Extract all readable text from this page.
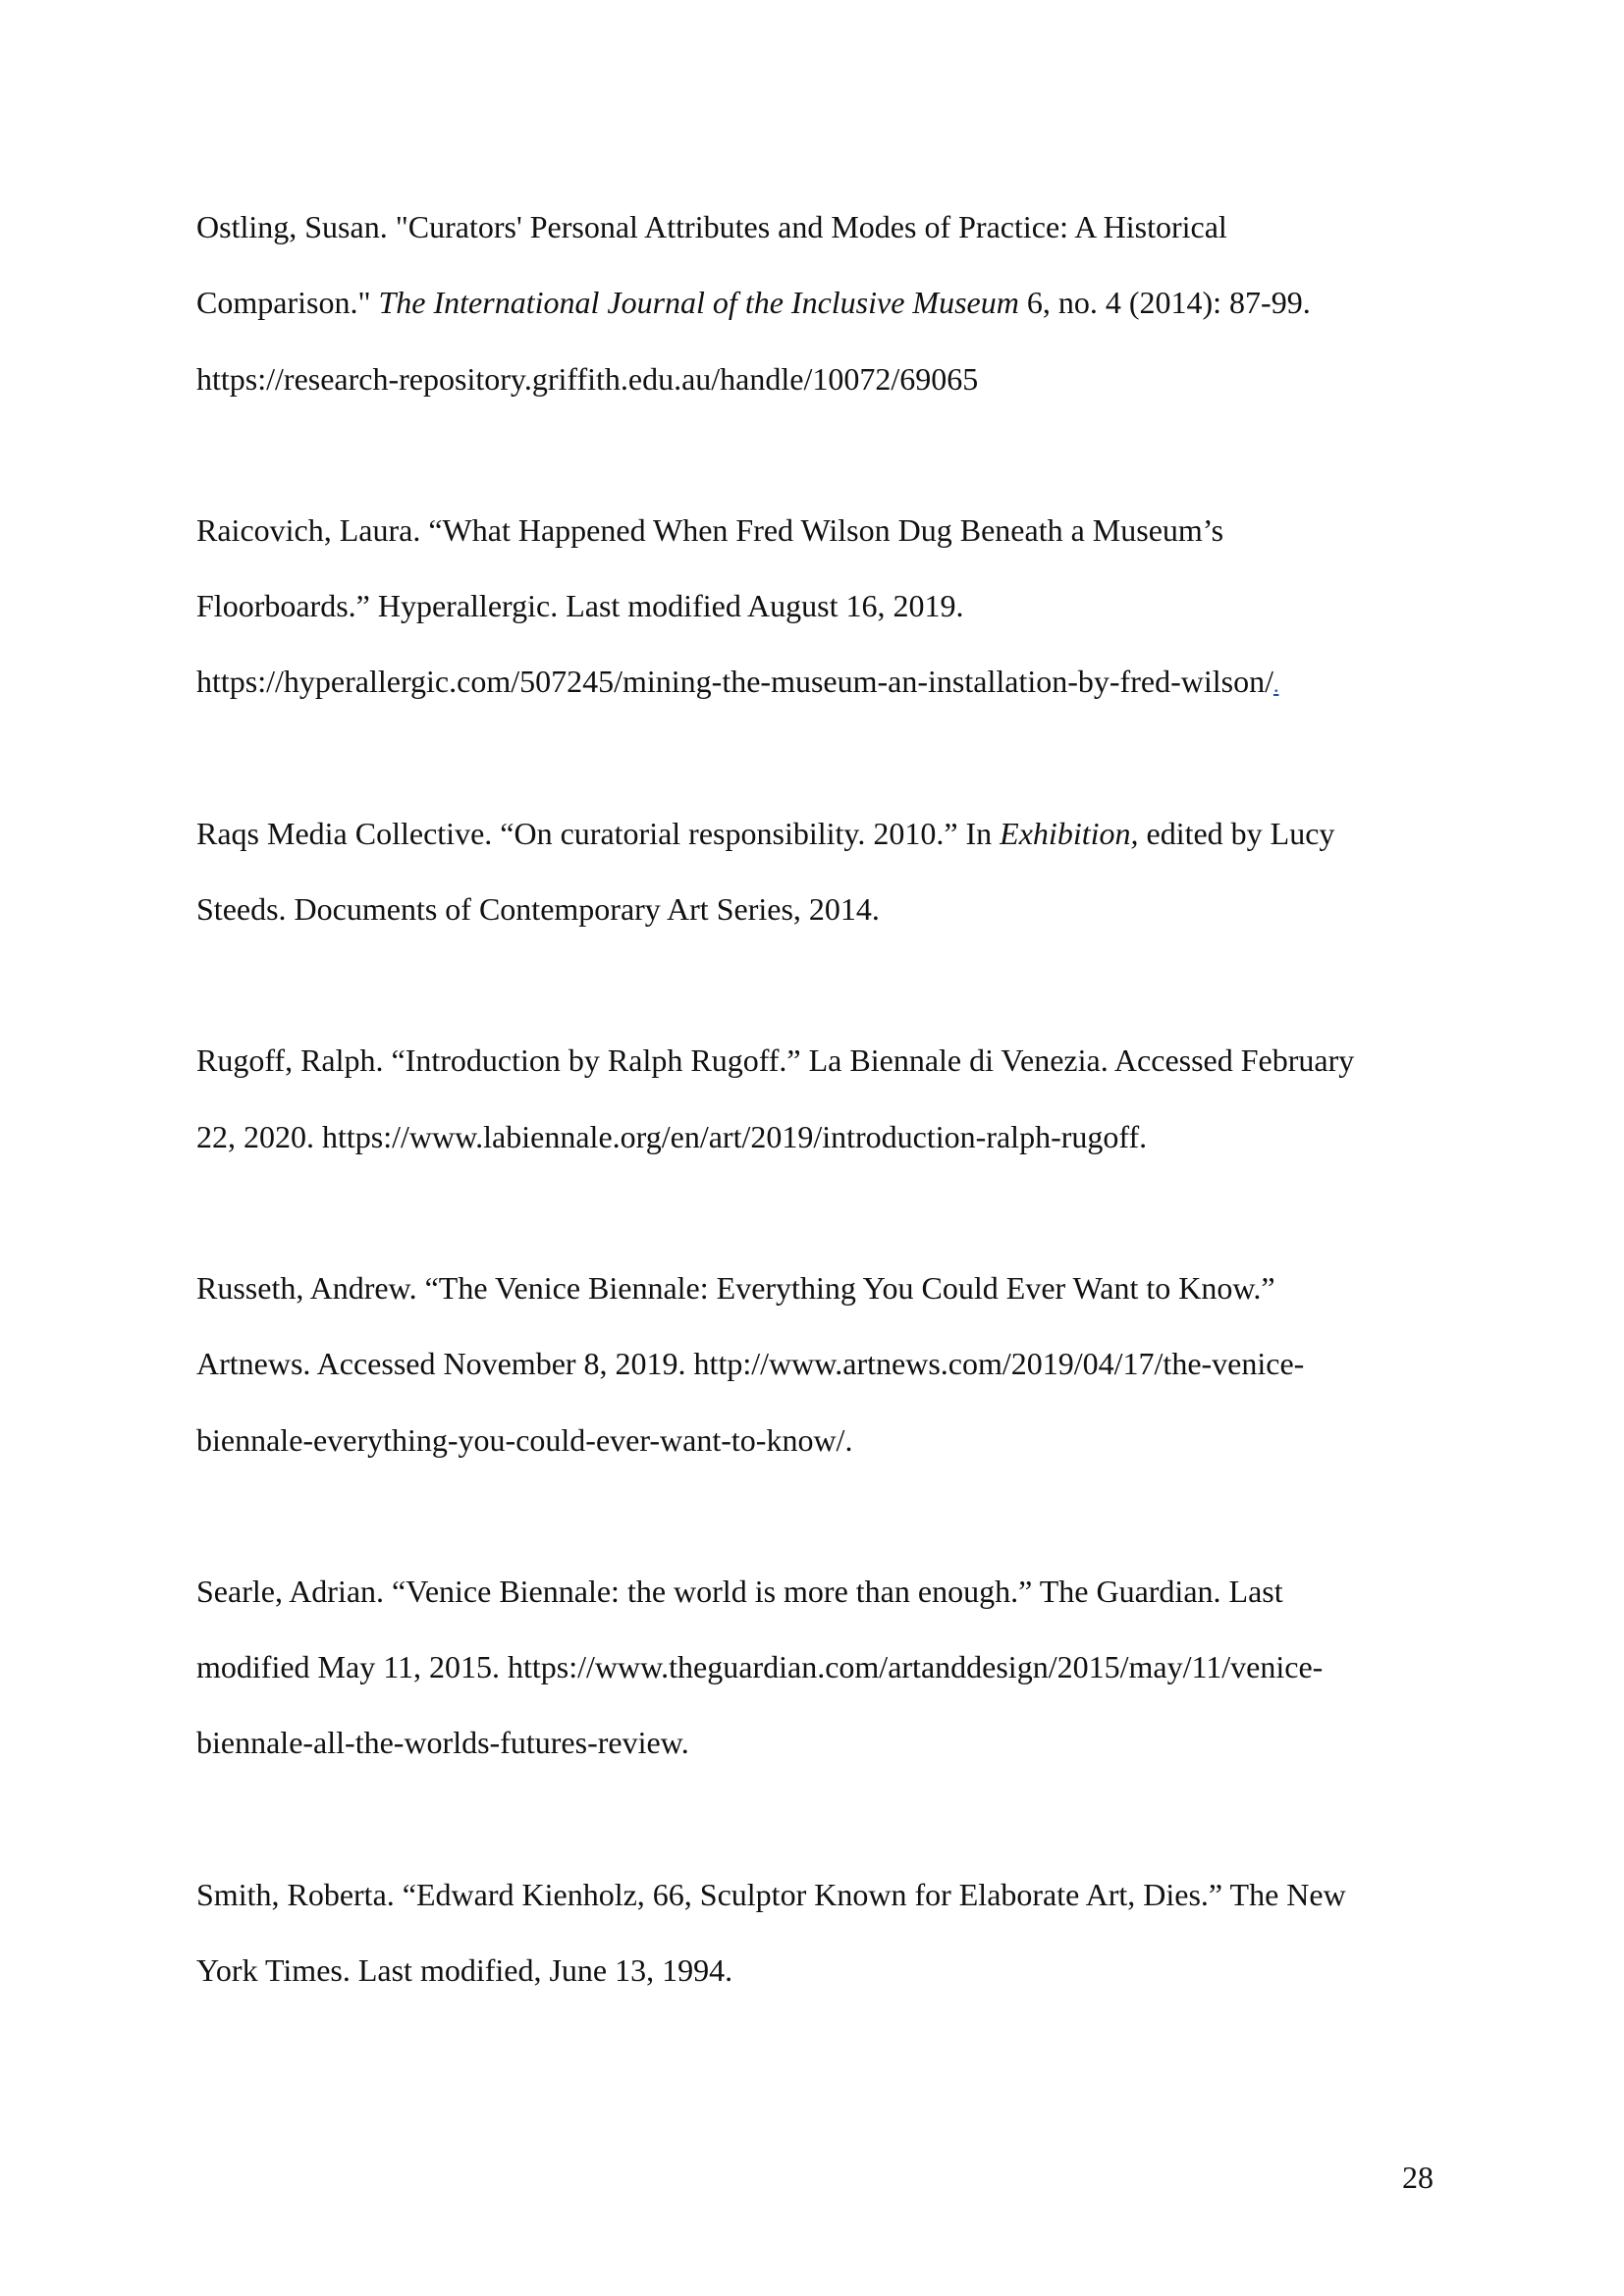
Ostling, Susan. "Curators' Personal Attributes and Modes of Practice: A Historical
Comparison." The International Journal of the Inclusive Museum 6, no. 4 (2014): 87-99.
https://research-repository.griffith.edu.au/handle/10072/69065
Raicovich, Laura. “What Happened When Fred Wilson Dug Beneath a Museum’s
Floorboards.” Hyperallergic. Last modified August 16, 2019.
https://hyperallergic.com/507245/mining-the-museum-an-installation-by-fred-wilson/.
Raqs Media Collective. “On curatorial responsibility. 2010.” In Exhibition, edited by Lucy
Steeds. Documents of Contemporary Art Series, 2014.
Rugoff, Ralph. “Introduction by Ralph Rugoff.” La Biennale di Venezia. Accessed February
22, 2020. https://www.labiennale.org/en/art/2019/introduction-ralph-rugoff.
Russeth, Andrew. “The Venice Biennale: Everything You Could Ever Want to Know.”
Artnews. Accessed November 8, 2019. http://www.artnews.com/2019/04/17/the-venice-
biennale-everything-you-could-ever-want-to-know/.
Searle, Adrian. “Venice Biennale: the world is more than enough.” The Guardian. Last
modified May 11, 2015. https://www.theguardian.com/artanddesign/2015/may/11/venice-
biennale-all-the-worlds-futures-review.
Smith, Roberta. “Edward Kienholz, 66, Sculptor Known for Elaborate Art, Dies.” The New
York Times. Last modified, June 13, 1994.
28
